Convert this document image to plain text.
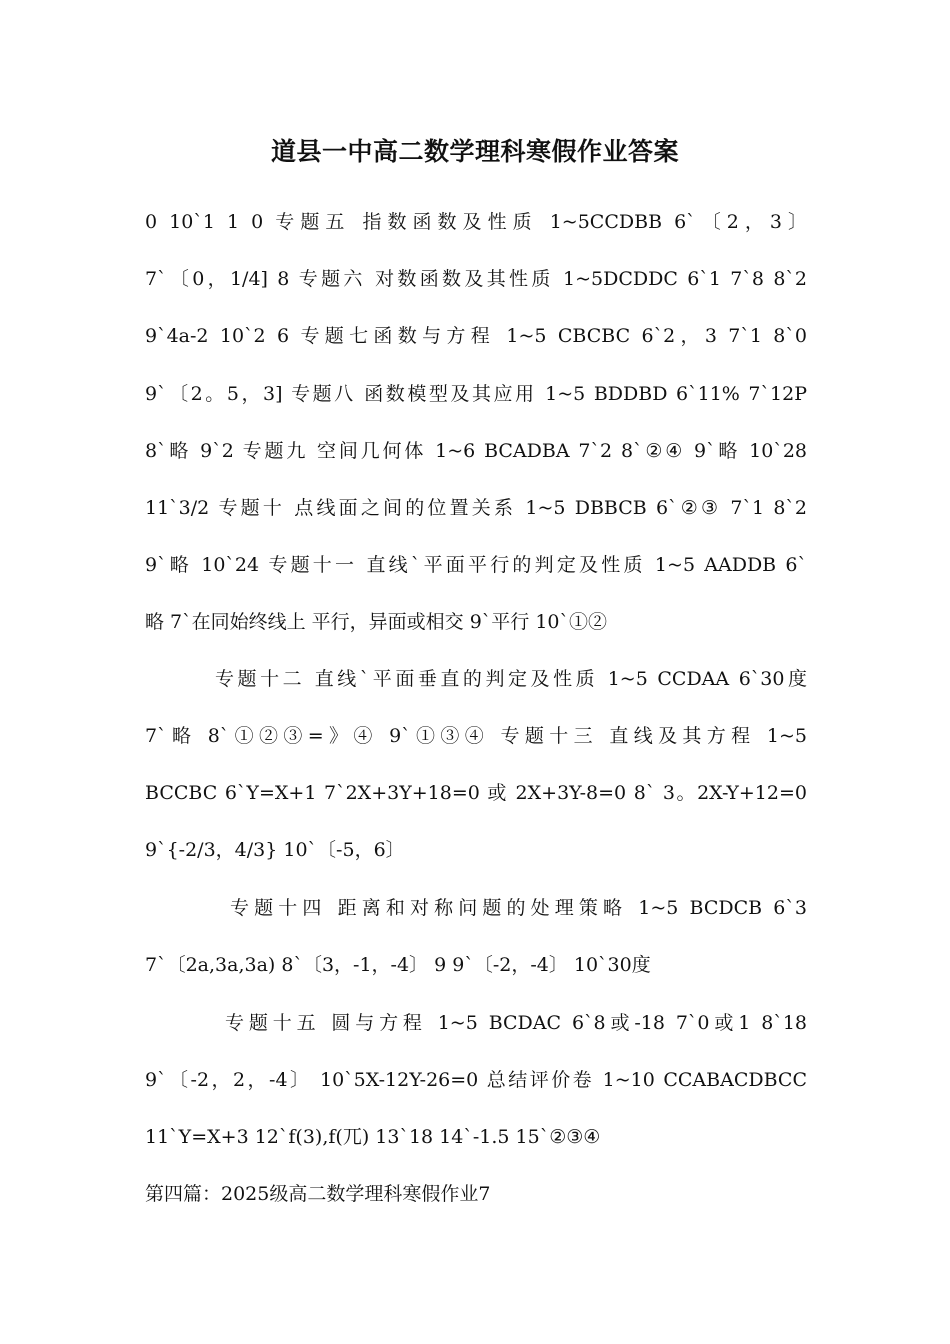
道县一中高二数学理科寒假作业答案
0 10`1 1 0 专题五 指数函数及性质 1~5CCDBB 6`〔2，3〕
7`〔0，1/4] 8 专题六 对数函数及其性质 1~5DCDDC 6`1 7`8 8`2
9`4a-2 10`2 6 专题七函数与方程 1~5 CBCBC 6`2，3 7`1 8`0
9`〔2。5，3] 专题八 函数模型及其应用 1~5 BDDBD 6`11% 7`12P
8`略 9`2 专题九 空间几何体 1~6 BCADBA 7`2 8`②④ 9`略 10`28
11`3/2 专题十 点线面之间的位置关系 1~5 DBBCB 6`②③ 7`1 8`2
9`略 10`24 专题十一 直线`平面平行的判定及性质 1~5 AADDB 6`
略 7`在同始终线上 平行，异面或相交 9`平行 10`①②
专题十二 直线`平面垂直的判定及性质 1~5 CCDAA 6`30度
7`略 8`①②③=》④ 9`①③④ 专题十三 直线及其方程 1~5
BCCBC 6`Y=X+1 7`2X+3Y+18=0 或 2X+3Y-8=0 8` 3。2X-Y+12=0
9`{-2/3，4/3} 10`〔-5，6〕
专题十四 距离和对称问题的处理策略 1~5 BCDCB 6`3
7`〔2a,3a,3a) 8`〔3，-1，-4〕 9 9`〔-2，-4〕 10`30度
专题十五 圆与方程 1~5 BCDAC 6`8或-18 7`0或1 8`18
9`〔-2，2，-4〕 10`5X-12Y-26=0 总结评价卷 1~10 CCABACDBCC
11`Y=X+3 12`f(3),f(兀) 13`18 14`-1.5 15`②③④
第四篇：2025级高二数学理科寒假作业7
